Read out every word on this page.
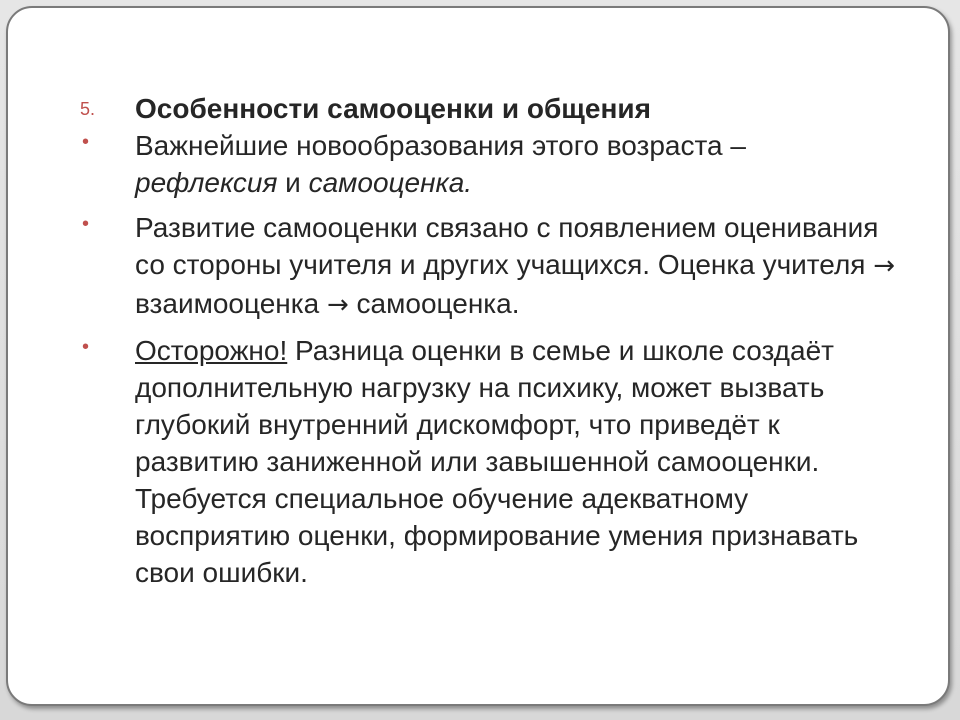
5. Особенности самооценки и общения
• Важнейшие новообразования этого возраста –
рефлексия и самооценка.
• Развитие самооценки связано с появлением оценивания со стороны учителя и других учащихся. Оценка учителя → взаимооценка → самооценка.
• Осторожно! Разница оценки в семье и школе создаёт дополнительную нагрузку на психику, может вызвать глубокий внутренний дискомфорт, что приведёт к развитию заниженной или завышенной самооценки. Требуется специальное обучение адекватному восприятию оценки, формирование умения признавать свои ошибки.
